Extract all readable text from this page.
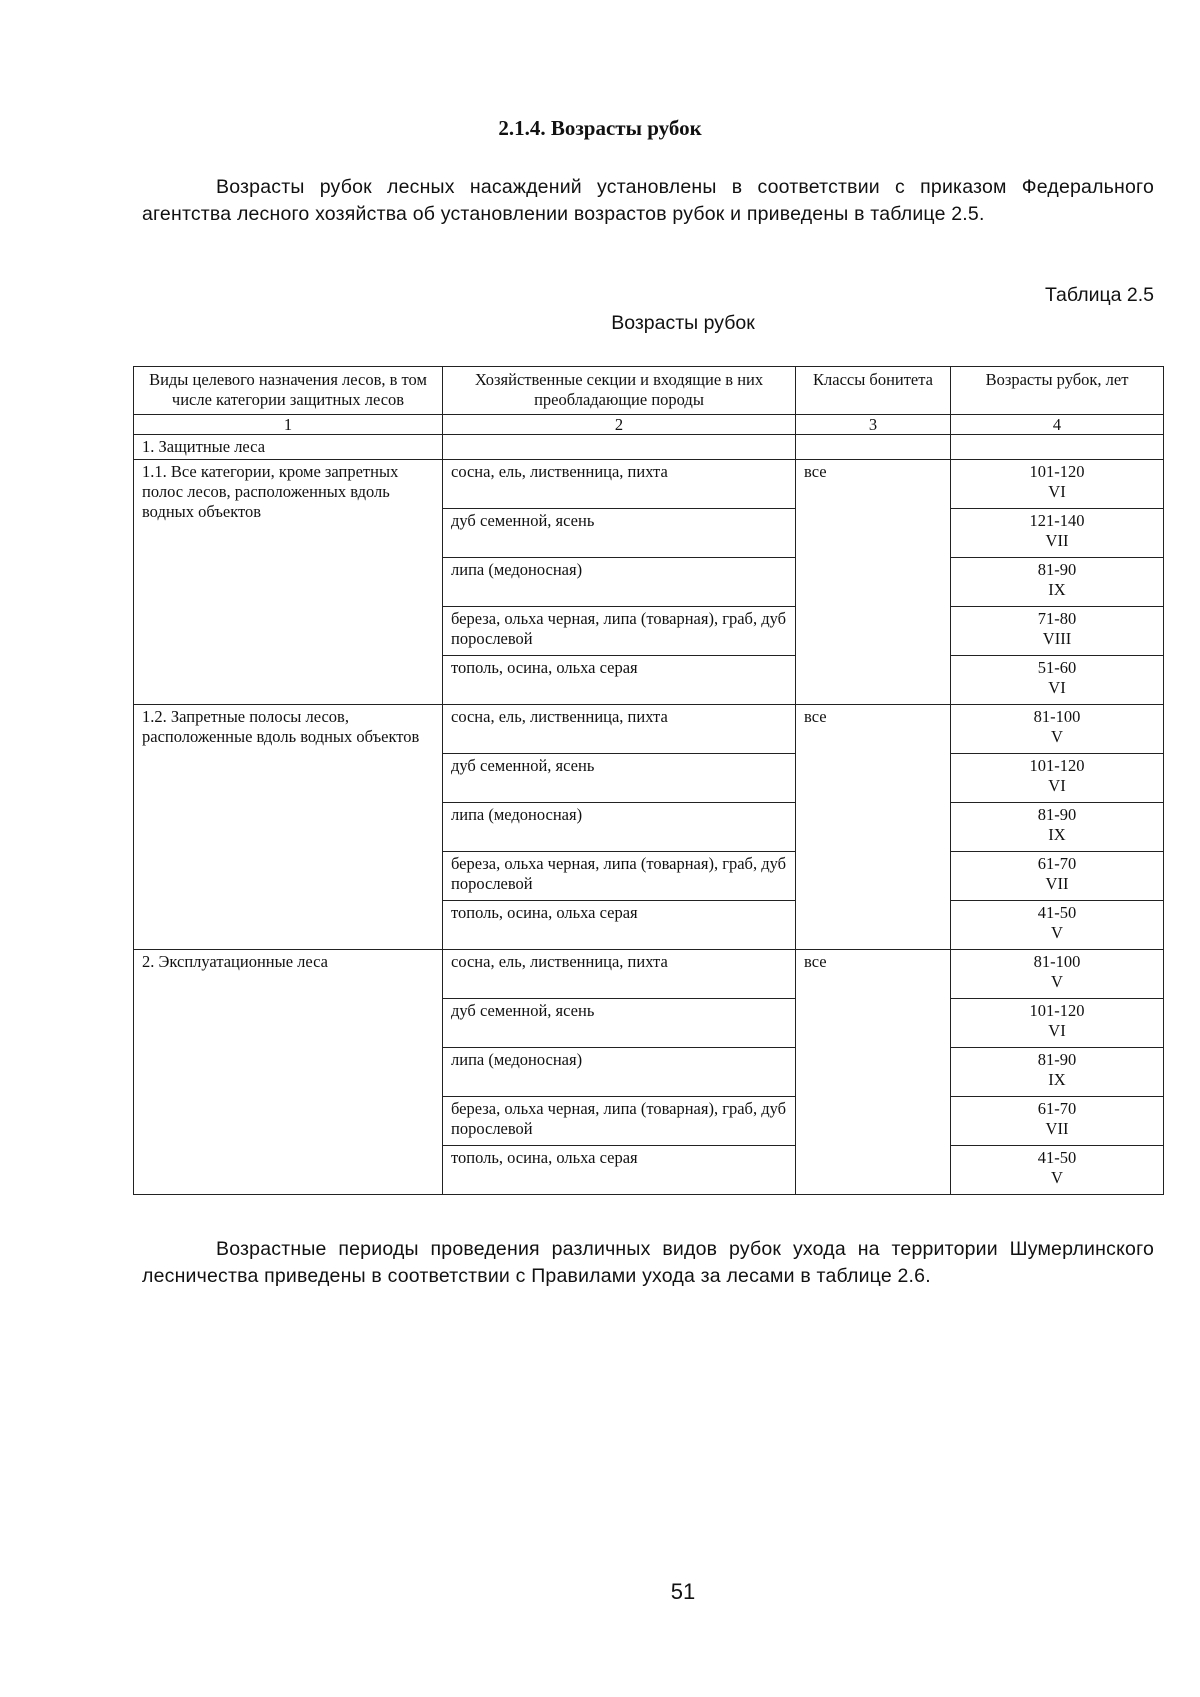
2.1.4. Возрасты рубок

Возрасты рубок лесных насаждений установлены в соответствии с приказом Федерального агентства лесного хозяйства об установлении возрастов рубок и приведены в таблице 2.5.

Таблица 2.5
Возрасты рубок
Виды целевого назначения лесов, в том числе категории защитных лесов	Хозяйственные секции и входящие в них преобладающие породы	Классы бонитета	Возрасты рубок, лет
1	2	3	4
1. Защитные леса			
1.1. Все категории, кроме запретных полос лесов, расположенных вдоль водных объектов	сосна, ель, лиственница, пихта	все	101-120
VI

	дуб семенной, ясень		121-140
VII

	липа (медоносная)		81-90
IX

	береза, ольха черная, липа (товарная), граб, дуб порослевой		71-80
VIII

	тополь, осина, ольха серая		51-60
VI

1.2. Запретные полосы лесов, расположенные вдоль водных объектов	сосна, ель, лиственница, пихта	все	81-100
V

	дуб семенной, ясень		101-120
VI

	липа (медоносная)		81-90
IX

	береза, ольха черная, липа (товарная), граб, дуб порослевой		61-70
VII

	тополь, осина, ольха серая		41-50
V

2. Эксплуатационные леса	сосна, ель, лиственница, пихта	все	81-100
V

	дуб семенной, ясень		101-120
VI

	липа (медоносная)		81-90
IX

	береза, ольха черная, липа (товарная), граб, дуб порослевой		61-70
VII

	тополь, осина, ольха серая		41-50
V

Возрастные периоды проведения различных видов рубок ухода на территории Шумерлинского лесничества приведены в соответствии с Правилами ухода за лесами в таблице 2.6.

51
